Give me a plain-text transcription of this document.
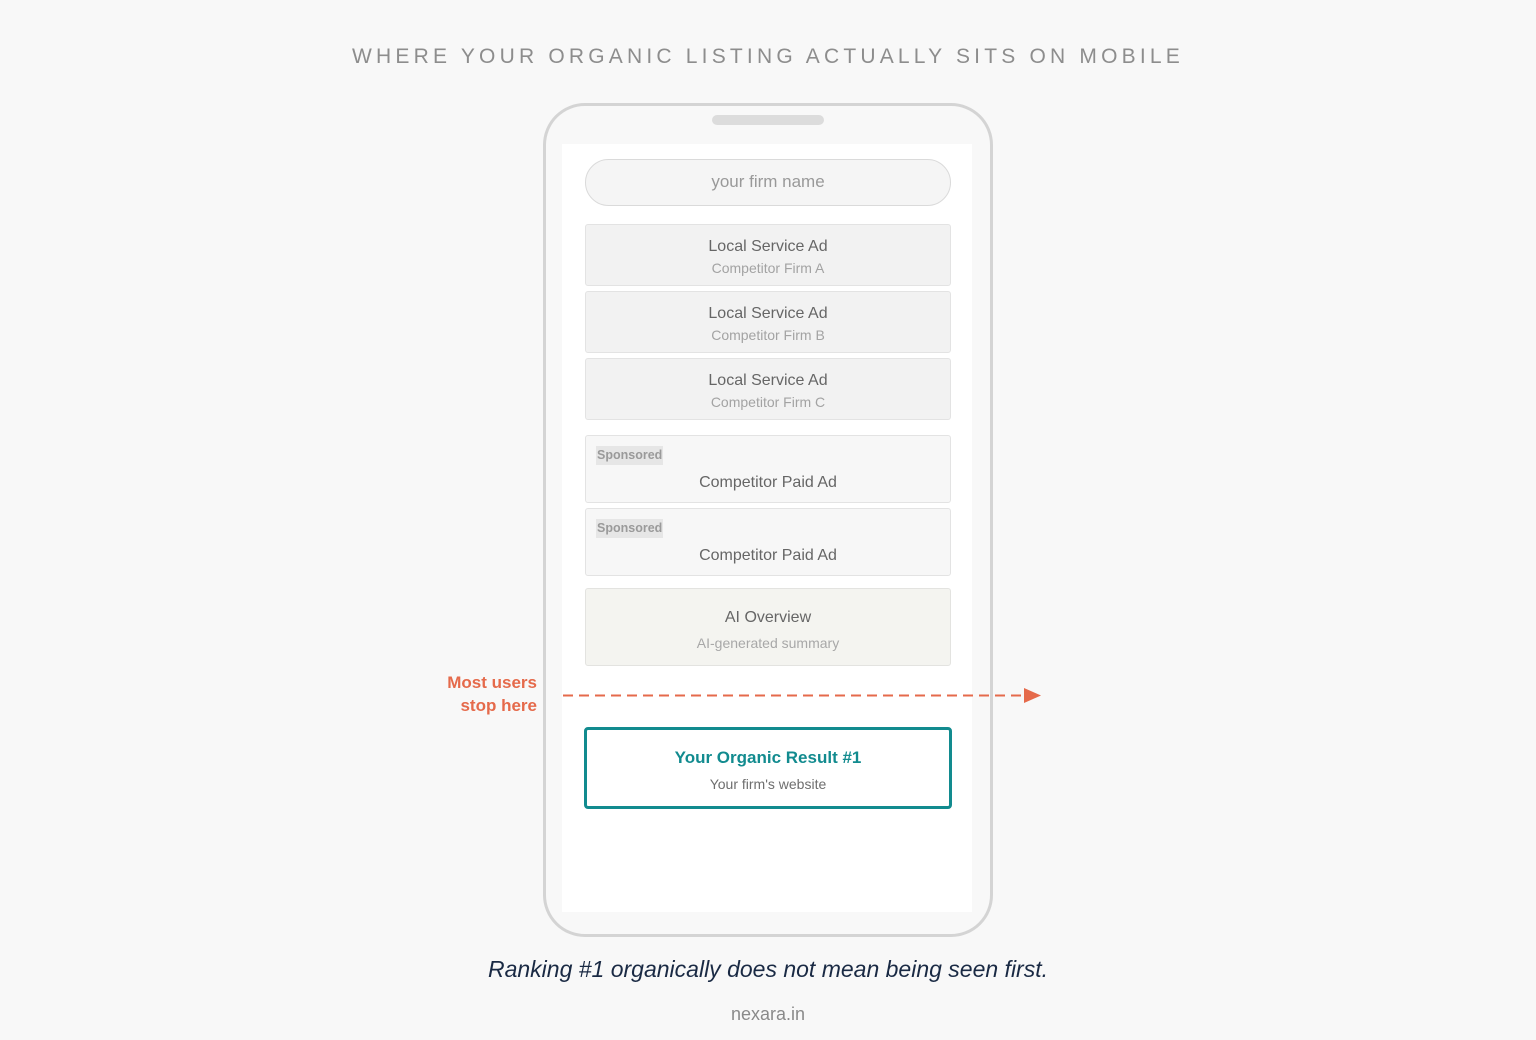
WHERE YOUR ORGANIC LISTING ACTUALLY SITS ON MOBILE
your firm name
Local Service Ad
Competitor Firm A
Local Service Ad
Competitor Firm B
Local Service Ad
Competitor Firm C
Sponsored
Competitor Paid Ad
Sponsored
Competitor Paid Ad
AI Overview
AI-generated summary
Most users
stop here
Your Organic Result #1
Your firm's website
Ranking #1 organically does not mean being seen first.
nexara.in
